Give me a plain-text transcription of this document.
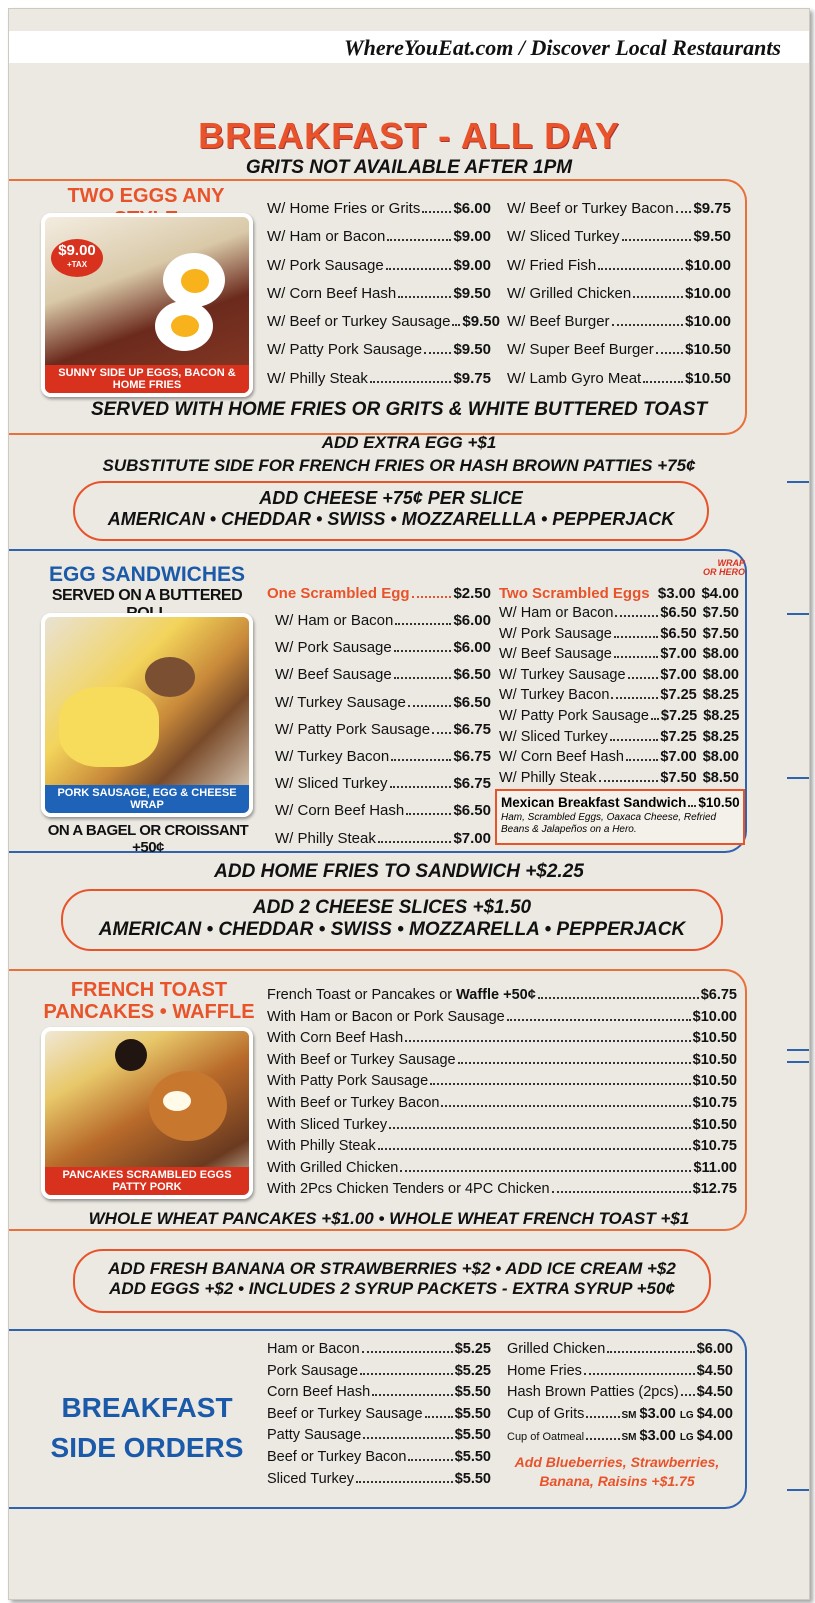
WhereYouEat.com / Discover Local Restaurants
BREAKFAST - ALL DAY
GRITS NOT AVAILABLE AFTER 1PM
TWO EGGS ANY
$9.00
+TAX
SUNNY SIDE UP EGGS, BACON & HOME FRIES
W/ Home Fries or Grits $6.00
W/ Ham or Bacon	$9.00
W/ Pork Sausage	$9.00
W/ Corn Beef Hash	$9.50
W/ Beef or Turkey Sausage $9.50
W/ Patty Pork Sausage $9.50
W/ Philly Steak	$9.75
W/ Beef or Turkey Bacon $9.75
W/ Sliced Turkey	$9.50
W/ Fried Fish	$10.00
W/ Grilled Chicken	$10.00
W/ Beef Burger	$10.00
W/ Super Beef Burger $10.50
W/ Lamb Gyro Meat	$10.50
SERVED WITH HOME FRIES OR GRITS & WHITE BUTTERED TOAST
ADD EXTRA EGG +$1
SUBSTITUTE SIDE FOR FRENCH FRIES OR HASH BROWN PATTIES +75¢
ADD CHEESE +75¢ PER SLICE
AMERICAN • CHEDDAR • SWISS • MOZZARELLLA • PEPPERJACK
EGG SANDWICHES
SERVED ON A BUTTERED
PORK SAUSAGE, EGG & CHEESE WRAP
ON A BAGEL OR CROISSANT +50¢
One Scrambled Egg	$2.50
W/ Ham or Bacon	$6.00
W/ Pork Sausage	$6.00
W/ Beef Sausage	$6.50
W/ Turkey Sausage	$6.50
W/ Patty Pork Sausage $6.75
W/ Turkey Bacon	$6.75
W/ Sliced Turkey	$6.75
W/ Corn Beef Hash	$6.50
W/ Philly Steak	$7.00
WRAP
OR HERO
Two Scrambled Eggs $3.00 $4.00
W/ Ham or Bacon	$6.50 $7.50
W/ Pork Sausage	$6.50 $7.50
W/ Beef Sausage	$7.00 $8.00
W/ Turkey Sausage $7.00 $8.00
W/ Turkey Bacon	$7.25 $8.25
W/ Patty Pork Sausage $7.25 $8.25
W/ Sliced Turkey	$7.25 $8.25
W/ Corn Beef Hash	$7.00 $8.00
W/ Philly Steak	$7.50 $8.50
Mexican Breakfast Sandwich $10.50
Ham, Scrambled Eggs, Oaxaca Cheese, Refried Beans & Jalapeños on a Hero.
ADD HOME FRIES TO SANDWICH +$2.25
ADD 2 CHEESE SLICES +$1.50
AMERICAN • CHEDDAR • SWISS • MOZZARELLA • PEPPERJACK
FRENCH TOAST
PANCAKES • WAFFLE
PANCAKES SCRAMBLED EGGS PATTY PORK
French Toast or Pancakes or Waffle +50¢	$6.75
With Ham or Bacon or Pork Sausage	$10.00
With Corn Beef Hash	$10.50
With Beef or Turkey Sausage	$10.50
With Patty Pork Sausage	$10.50
With Beef or Turkey Bacon	$10.75
With Sliced Turkey	$10.50
With Philly Steak	$10.75
With Grilled Chicken	$11.00
With 2Pcs Chicken Tenders or 4PC Chicken	$12.75
WHOLE WHEAT PANCAKES +$1.00 • WHOLE WHEAT FRENCH TOAST +$1
ADD FRESH BANANA OR STRAWBERRIES +$2 • ADD ICE CREAM +$2
ADD EGGS +$2 • INCLUDES 2 SYRUP PACKETS - EXTRA SYRUP +50¢
BREAKFAST
SIDE ORDERS
Ham or Bacon	$5.25
Pork Sausage	$5.25
Corn Beef Hash	$5.50
Beef or Turkey Sausage $5.50
Patty Sausage	$5.50
Beef or Turkey Bacon	$5.50
Sliced Turkey	$5.50
Grilled Chicken	$6.00
Home Fries	$4.50
Hash Brown Patties (2pcs) $4.50
Cup of Grits	SM $3.00 LG $4.00
Cup of Oatmeal	SM $3.00 LG $4.00
Add Blueberries, Strawberries, Banana, Raisins +$1.75
